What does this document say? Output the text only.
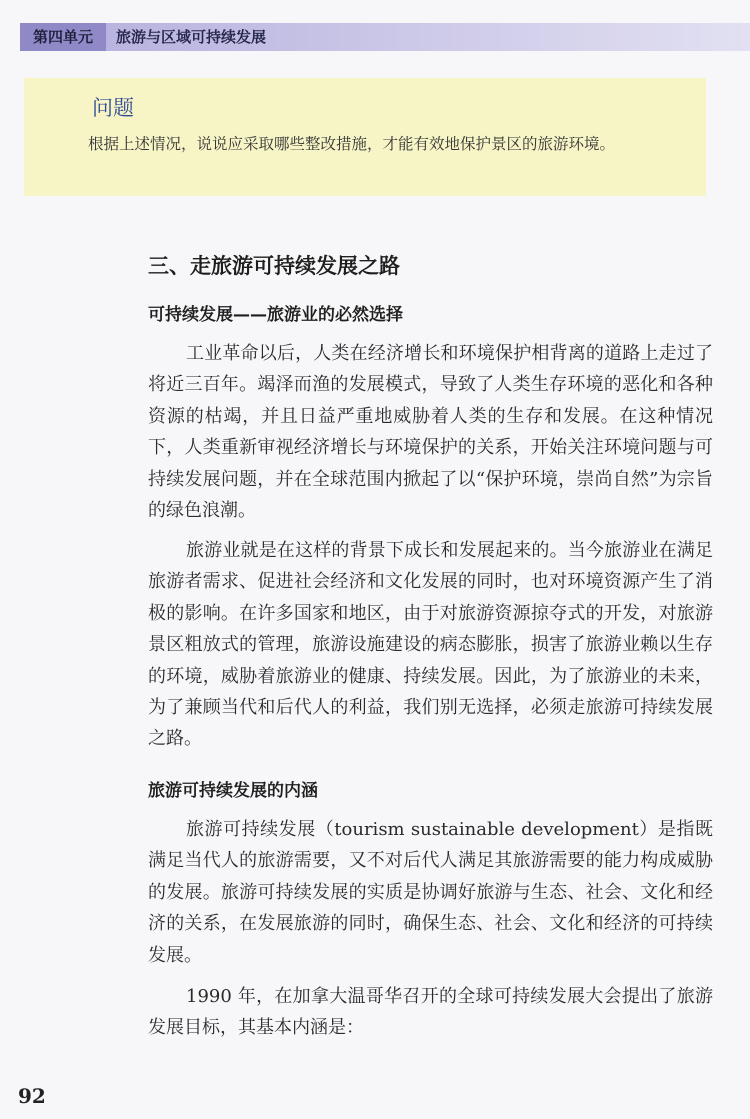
第四单元	旅游与区域可持续发展
问题
根据上述情况，说说应采取哪些整改措施，才能有效地保护景区的旅游环境。
三、走旅游可持续发展之路
可持续发展——旅游业的必然选择
工业革命以后，人类在经济增长和环境保护相背离的道路上走过了将近三百年。竭泽而渔的发展模式，导致了人类生存环境的恶化和各种资源的枯竭，并且日益严重地威胁着人类的生存和发展。在这种情况下，人类重新审视经济增长与环境保护的关系，开始关注环境问题与可持续发展问题，并在全球范围内掀起了以“保护环境，崇尚自然”为宗旨的绿色浪潮。
旅游业就是在这样的背景下成长和发展起来的。当今旅游业在满足旅游者需求、促进社会经济和文化发展的同时，也对环境资源产生了消极的影响。在许多国家和地区，由于对旅游资源掠夺式的开发，对旅游景区粗放式的管理，旅游设施建设的病态膨胀，损害了旅游业赖以生存的环境，威胁着旅游业的健康、持续发展。因此，为了旅游业的未来，为了兼顾当代和后代人的利益，我们别无选择，必须走旅游可持续发展之路。
旅游可持续发展的内涵
旅游可持续发展（tourism sustainable development）是指既满足当代人的旅游需要，又不对后代人满足其旅游需要的能力构成威胁的发展。旅游可持续发展的实质是协调好旅游与生态、社会、文化和经济的关系，在发展旅游的同时，确保生态、社会、文化和经济的可持续发展。
1990 年，在加拿大温哥华召开的全球可持续发展大会提出了旅游发展目标，其基本内涵是：
92
